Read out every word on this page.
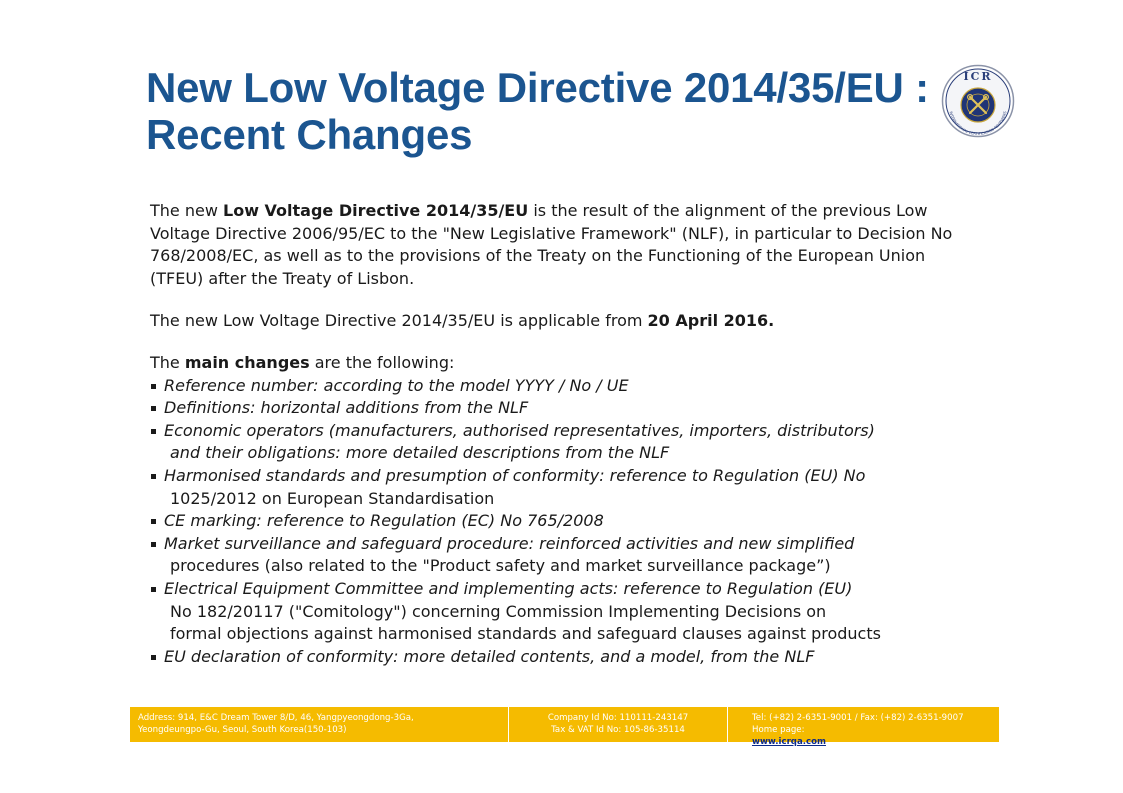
New Low Voltage Directive 2014/35/EU :
Recent Changes
ICR
INTERNATIONAL CERTIFICATION REVIEWERS

The new Low Voltage Directive 2014/35/EU is the result of the alignment of the previous Low Voltage Directive 2006/95/EC to the "New Legislative Framework" (NLF), in particular to Decision No 768/2008/EC, as well as to the provisions of the Treaty on the Functioning of the European Union (TFEU) after the Treaty of Lisbon.

The new Low Voltage Directive 2014/35/EU is applicable from 20 April 2016.

The main changes are the following:

Reference number: according to the model YYYY / No / UE
Definitions: horizontal additions from the NLF
Economic operators (manufacturers, authorised representatives, importers, distributors)
and their obligations: more detailed descriptions from the NLF
Harmonised standards and presumption of conformity: reference to Regulation (EU) No
1025/2012 on European Standardisation
CE marking: reference to Regulation (EC) No 765/2008
Market surveillance and safeguard procedure: reinforced activities and new simplified
procedures (also related to the "Product safety and market surveillance package”)
Electrical Equipment Committee and implementing acts: reference to Regulation (EU)
No 182/20117 ("Comitology") concerning Commission Implementing Decisions on
formal objections against harmonised standards and safeguard clauses against products
EU declaration of conformity: more detailed contents, and a model, from the NLF
Address: 914, E&C Dream Tower 8/D, 46, Yangpyeongdong-3Ga,
Yeongdeungpo-Gu, Seoul, South Korea(150-103)
Company Id No: 110111-243147
Tax & VAT Id No: 105-86-35114
Tel: (+82) 2-6351-9001 / Fax: (+82) 2-6351-9007
Home page:
www.icrqa.com
